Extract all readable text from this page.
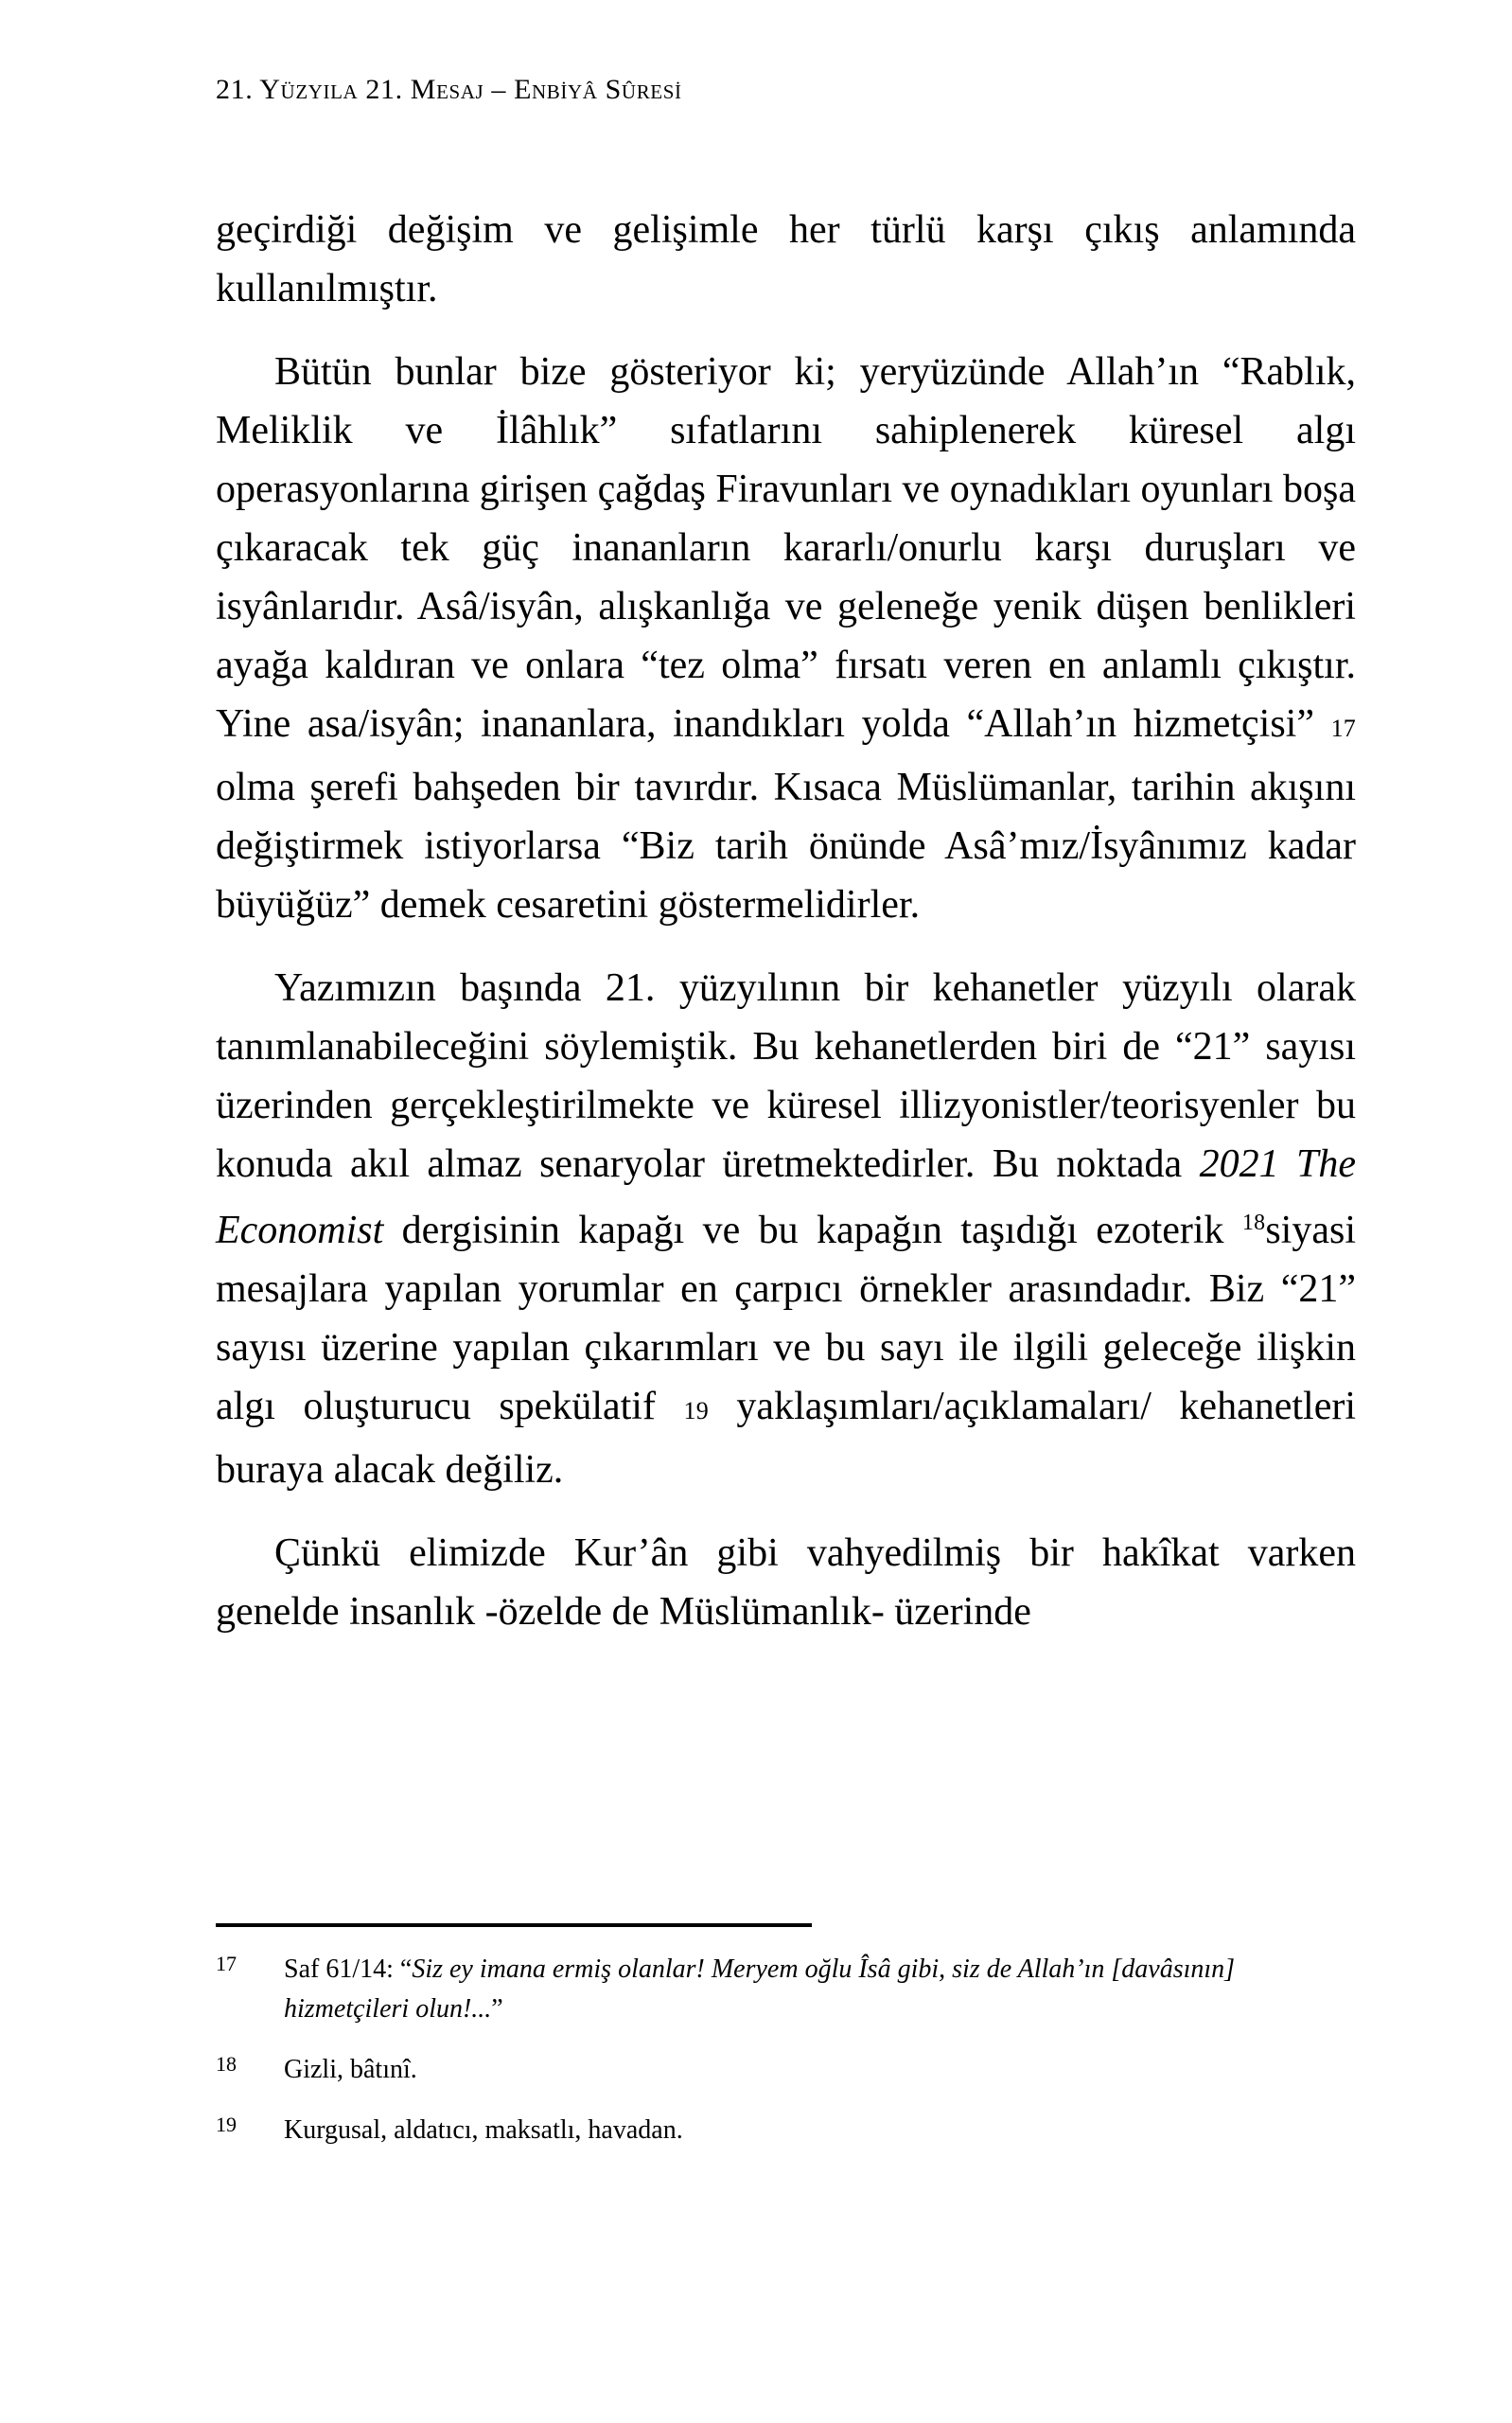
21. Yüzyıla 21. Mesaj – Enbiyâ Sûresi

geçirdiği değişim ve gelişimle her türlü karşı çıkış anlamında kullanılmıştır.

Bütün bunlar bize gösteriyor ki; yeryüzünde Allah’ın “Rablık, Meliklik ve İlâhlık” sıfatlarını sahiplenerek küresel algı operasyonlarına girişen çağdaş Firavunları ve oynadıkları oyunları boşa çıkaracak tek güç inananların kararlı/onurlu karşı duruşları ve isyânlarıdır. Asâ/isyân, alışkanlığa ve geleneğe yenik düşen benlikleri ayağa kaldıran ve onlara “tez olma” fırsatı veren en anlamlı çıkıştır. Yine asa/isyân; inananlara, inandıkları yolda “Allah’ın hizmetçisi” 17 olma şerefi bahşeden bir tavırdır. Kısaca Müslümanlar, tarihin akışını değiştirmek istiyorlarsa “Biz tarih önünde Asâ’mız/İsyânımız kadar büyüğüz” demek cesaretini göstermelidirler.

Yazımızın başında 21. yüzyılının bir kehanetler yüzyılı olarak tanımlanabileceğini söylemiştik. Bu kehanetlerden biri de “21” sayısı üzerinden gerçekleştirilmekte ve küresel illizyonistler/teorisyenler bu konuda akıl almaz senaryolar üretmektedirler. Bu noktada 2021 The Economist dergisinin kapağı ve bu kapağın taşıdığı ezoterik $^{18}$siyasi mesajlara yapılan yorumlar en çarpıcı örnekler arasındadır. Biz “21” sayısı üzerine yapılan çıkarımları ve bu sayı ile ilgili geleceğe ilişkin algı oluşturucu spekülatif 19 yaklaşımları/açıklamaları/ kehanetleri buraya alacak değiliz.

Çünkü elimizde Kur’ân gibi vahyedilmiş bir hakîkat varken genelde insanlık -özelde de Müslümanlık- üzerinde

17	Saf 61/14: “Siz ey imana ermiş olanlar! Meryem oğlu Îsâ gibi, siz de Allah’ın [davâsının] hizmetçileri olun!...”
18	Gizli, bâtınî.
19	Kurgusal, aldatıcı, maksatlı, havadan.
